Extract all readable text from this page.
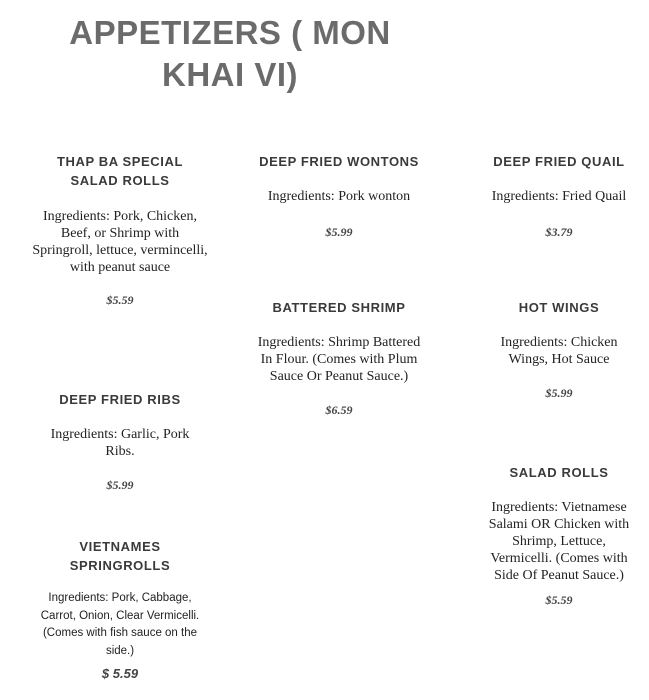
APPETIZERS ( MON KHAI VI)
THAP BA SPECIAL SALAD ROLLS
Ingredients: Pork, Chicken, Beef, or Shrimp with Springroll, lettuce, vermincelli, with peanut sauce
$5.59
DEEP FRIED RIBS
Ingredients: Garlic, Pork Ribs.
$5.99
VIETNAMES SPRINGROLLS
Ingredients: Pork, Cabbage, Carrot, Onion, Clear Vermicelli. (Comes with fish sauce on the side.)
$ 5.59
DEEP FRIED WONTONS
Ingredients: Pork wonton
$5.99
BATTERED SHRIMP
Ingredients: Shrimp Battered In Flour. (Comes with Plum Sauce Or Peanut Sauce.)
$6.59
DEEP FRIED QUAIL
Ingredients: Fried Quail
$3.79
HOT WINGS
Ingredients: Chicken Wings, Hot Sauce
$5.99
SALAD ROLLS
Ingredients: Vietnamese Salami OR Chicken with Shrimp, Lettuce, Vermicelli. (Comes with Side Of Peanut Sauce.)
$5.59
